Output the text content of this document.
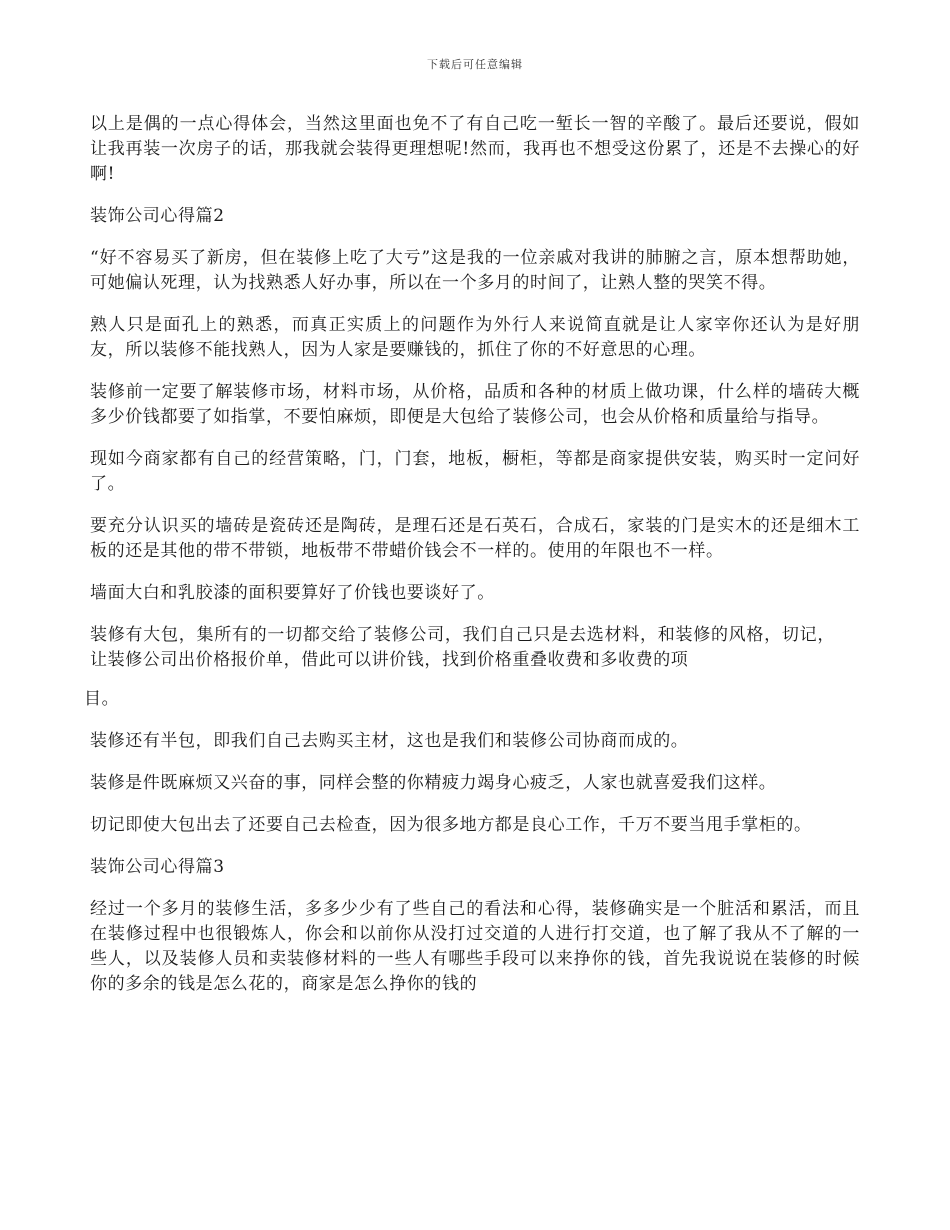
下载后可任意编辑

以上是偶的一点心得体会，当然这里面也免不了有自己吃一堑长一智的辛酸了。最后还要说，假如让我再装一次房子的话，那我就会装得更理想呢!然而，我再也不想受这份累了，还是不去操心的好啊!

装饰公司心得篇2

“好不容易买了新房，但在装修上吃了大亏”这是我的一位亲戚对我讲的肺腑之言，原本想帮助她，可她偏认死理，认为找熟悉人好办事，所以在一个多月的时间了，让熟人整的哭笑不得。

熟人只是面孔上的熟悉，而真正实质上的问题作为外行人来说简直就是让人家宰你还认为是好朋友，所以装修不能找熟人，因为人家是要赚钱的，抓住了你的不好意思的心理。

装修前一定要了解装修市场，材料市场，从价格，品质和各种的材质上做功课，什么样的墙砖大概多少价钱都要了如指掌，不要怕麻烦，即便是大包给了装修公司，也会从价格和质量给与指导。

现如今商家都有自己的经营策略，门，门套，地板，橱柜，等都是商家提供安装，购买时一定问好了。

要充分认识买的墙砖是瓷砖还是陶砖，是理石还是石英石，合成石，家装的门是实木的还是细木工板的还是其他的带不带锁，地板带不带蜡价钱会不一样的。使用的年限也不一样。

墙面大白和乳胶漆的面积要算好了价钱也要谈好了。

装修有大包，集所有的一切都交给了装修公司，我们自己只是去选材料，和装修的风格，切记，让装修公司出价格报价单，借此可以讲价钱，找到价格重叠收费和多收费的项

目。

装修还有半包，即我们自己去购买主材，这也是我们和装修公司协商而成的。

装修是件既麻烦又兴奋的事，同样会整的你精疲力竭身心疲乏，人家也就喜爱我们这样。

切记即使大包出去了还要自己去检查，因为很多地方都是良心工作，千万不要当甩手掌柜的。

装饰公司心得篇3

经过一个多月的装修生活，多多少少有了些自己的看法和心得，装修确实是一个脏活和累活，而且在装修过程中也很锻炼人，你会和以前你从没打过交道的人进行打交道，也了解了我从不了解的一些人，以及装修人员和卖装修材料的一些人有哪些手段可以来挣你的钱，首先我说说在装修的时候你的多余的钱是怎么花的，商家是怎么挣你的钱的
